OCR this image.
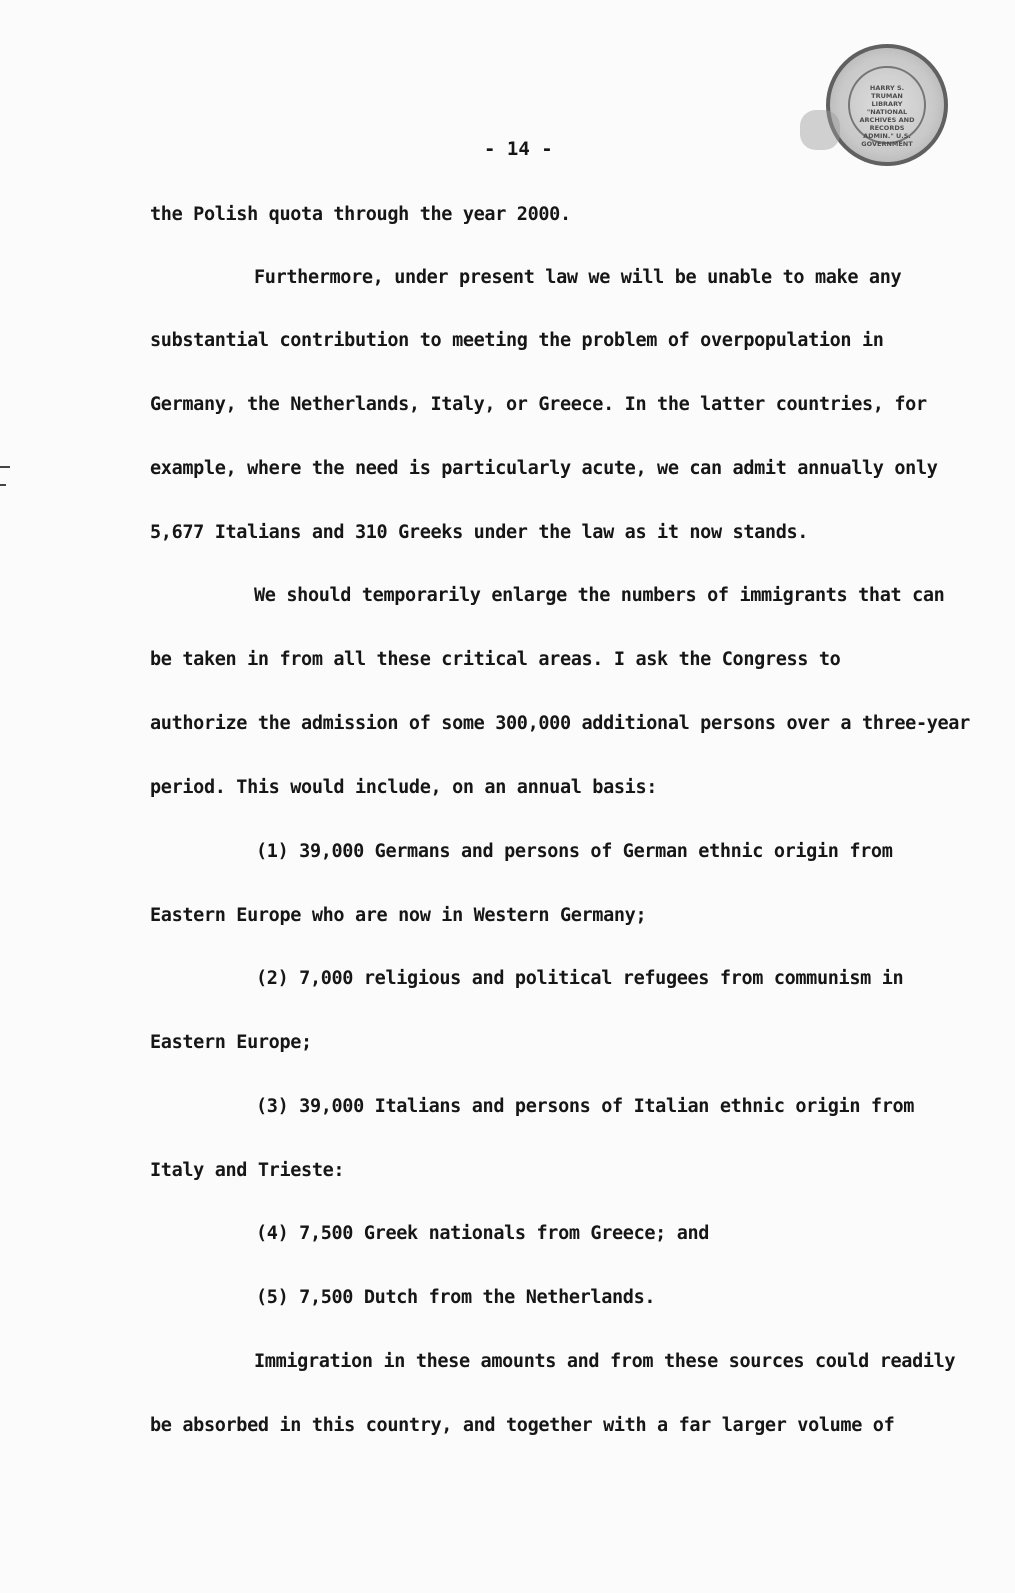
HARRY S. TRUMAN LIBRARY "NATIONAL ARCHIVES AND RECORDS ADMIN." U.S. GOVERNMENT
- 14 -
the Polish quota through the year 2000.
Furthermore, under present law we will be unable to make any
substantial contribution to meeting the problem of overpopulation in
Germany, the Netherlands, Italy, or Greece. In the latter countries, for
example, where the need is particularly acute, we can admit annually only
5,677 Italians and 310 Greeks under the law as it now stands.
We should temporarily enlarge the numbers of immigrants that can
be taken in from all these critical areas. I ask the Congress to
authorize the admission of some 300,000 additional persons over a three-year
period. This would include, on an annual basis:
(1) 39,000 Germans and persons of German ethnic origin from
Eastern Europe who are now in Western Germany;
(2) 7,000 religious and political refugees from communism in
Eastern Europe;
(3) 39,000 Italians and persons of Italian ethnic origin from
Italy and Trieste:
(4) 7,500 Greek nationals from Greece; and
(5) 7,500 Dutch from the Netherlands.
Immigration in these amounts and from these sources could readily
be absorbed in this country, and together with a far larger volume of
